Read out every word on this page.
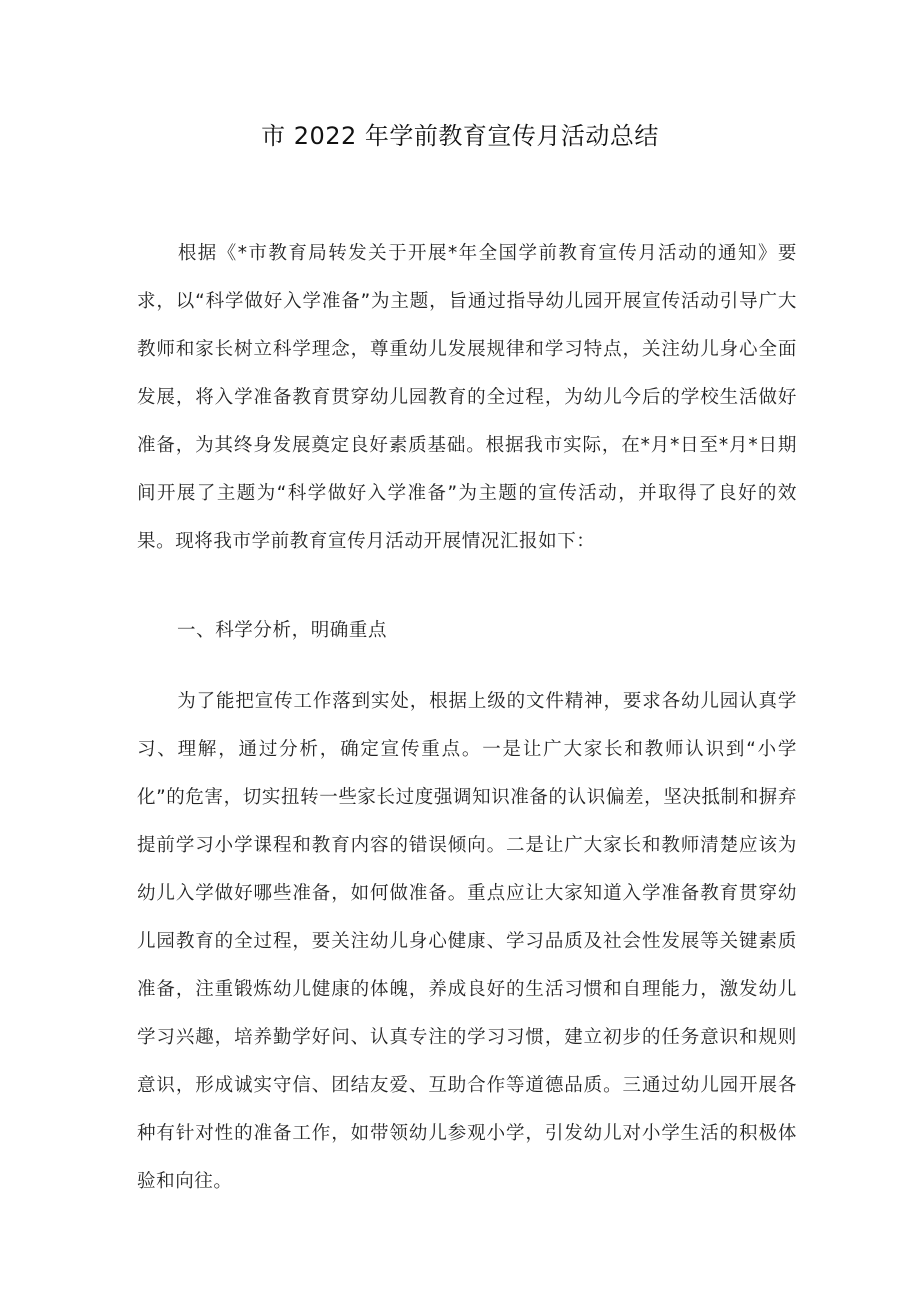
市 2022 年学前教育宣传月活动总结

根据《*市教育局转发关于开展*年全国学前教育宣传月活动的通知》要求，以“科学做好入学准备”为主题，旨通过指导幼儿园开展宣传活动引导广大教师和家长树立科学理念，尊重幼儿发展规律和学习特点，关注幼儿身心全面发展，将入学准备教育贯穿幼儿园教育的全过程，为幼儿今后的学校生活做好准备，为其终身发展奠定良好素质基础。根据我市实际，在*月*日至*月*日期间开展了主题为“科学做好入学准备”为主题的宣传活动，并取得了良好的效果。现将我市学前教育宣传月活动开展情况汇报如下：

一、科学分析，明确重点

为了能把宣传工作落到实处，根据上级的文件精神，要求各幼儿园认真学习、理解，通过分析，确定宣传重点。一是让广大家长和教师认识到“小学化”的危害，切实扭转一些家长过度强调知识准备的认识偏差，坚决抵制和摒弃提前学习小学课程和教育内容的错误倾向。二是让广大家长和教师清楚应该为幼儿入学做好哪些准备，如何做准备。重点应让大家知道入学准备教育贯穿幼儿园教育的全过程，要关注幼儿身心健康、学习品质及社会性发展等关键素质准备，注重锻炼幼儿健康的体魄，养成良好的生活习惯和自理能力，激发幼儿学习兴趣，培养勤学好问、认真专注的学习习惯，建立初步的任务意识和规则意识，形成诚实守信、团结友爱、互助合作等道德品质。三通过幼儿园开展各种有针对性的准备工作，如带领幼儿参观小学，引发幼儿对小学生活的积极体验和向往。
